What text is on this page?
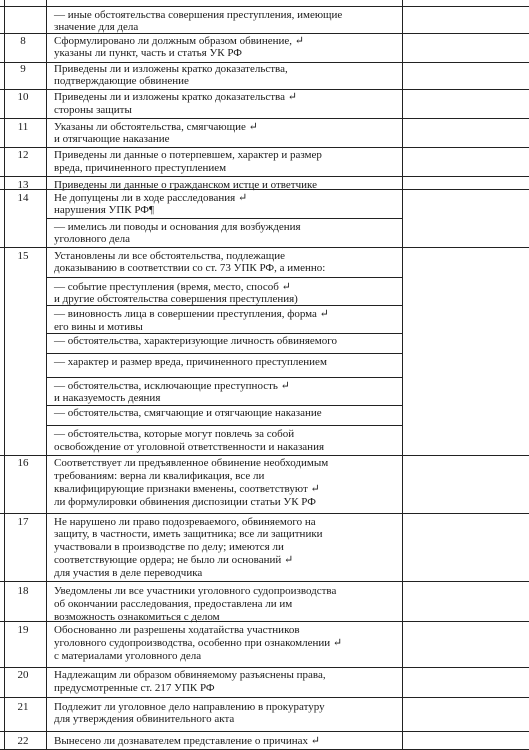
— иные обстоятельства совершения преступления, имеющие
значение для дела
8	Сформулировано ли должным образом обвинение, ↵
указаны ли пункт, часть и статья УК РФ
9	Приведены ли и изложены кратко доказательства,
подтверждающие обвинение
10	Приведены ли и изложены кратко доказательства ↵
стороны защиты
11	Указаны ли обстоятельства, смягчающие ↵
и отягчающие наказание
12	Приведены ли данные о потерпевшем, характер и размер
вреда, причиненного преступлением
13	Приведены ли данные о гражданском истце и ответчике
14	Не допущены ли в ходе расследования ↵
нарушения УПК РФ¶
— имелись ли поводы и основания для возбуждения
уголовного дела
15	Установлены ли все обстоятельства, подлежащие
доказыванию в соответствии со ст. 73 УПК РФ, а именно:
— событие преступления (время, место, способ ↵
и другие обстоятельства совершения преступления)
— виновность лица в совершении преступления, форма ↵
его вины и мотивы
— обстоятельства, характеризующие личность обвиняемого
— характер и размер вреда, причиненного преступлением
— обстоятельства, исключающие преступность ↵
и наказуемость деяния
— обстоятельства, смягчающие и отягчающие наказание
— обстоятельства, которые могут повлечь за собой
освобождение от уголовной ответственности и наказания
16	Соответствует ли предъявленное обвинение необходимым
требованиям: верна ли квалификация, все ли
квалифицирующие признаки вменены, соответствуют ↵
ли формулировки обвинения диспозиции статьи УК РФ
17	Не нарушено ли право подозреваемого, обвиняемого на
защиту, в частности, иметь защитника; все ли защитники
участвовали в производстве по делу; имеются ли
соответствующие ордера; не было ли оснований ↵
для участия в деле переводчика
18	Уведомлены ли все участники уголовного судопроизводства
об окончании расследования, предоставлена ли им
возможность ознакомиться с делом
19	Обоснованно ли разрешены ходатайства участников
уголовного судопроизводства, особенно при ознакомлении ↵
с материалами уголовного дела
20	Надлежащим ли образом обвиняемому разъяснены права,
предусмотренные ст. 217 УПК РФ
21	Подлежит ли уголовное дело направлению в прокуратуру
для утверждения обвинительного акта
22	Вынесено ли дознавателем представление о причинах ↵
